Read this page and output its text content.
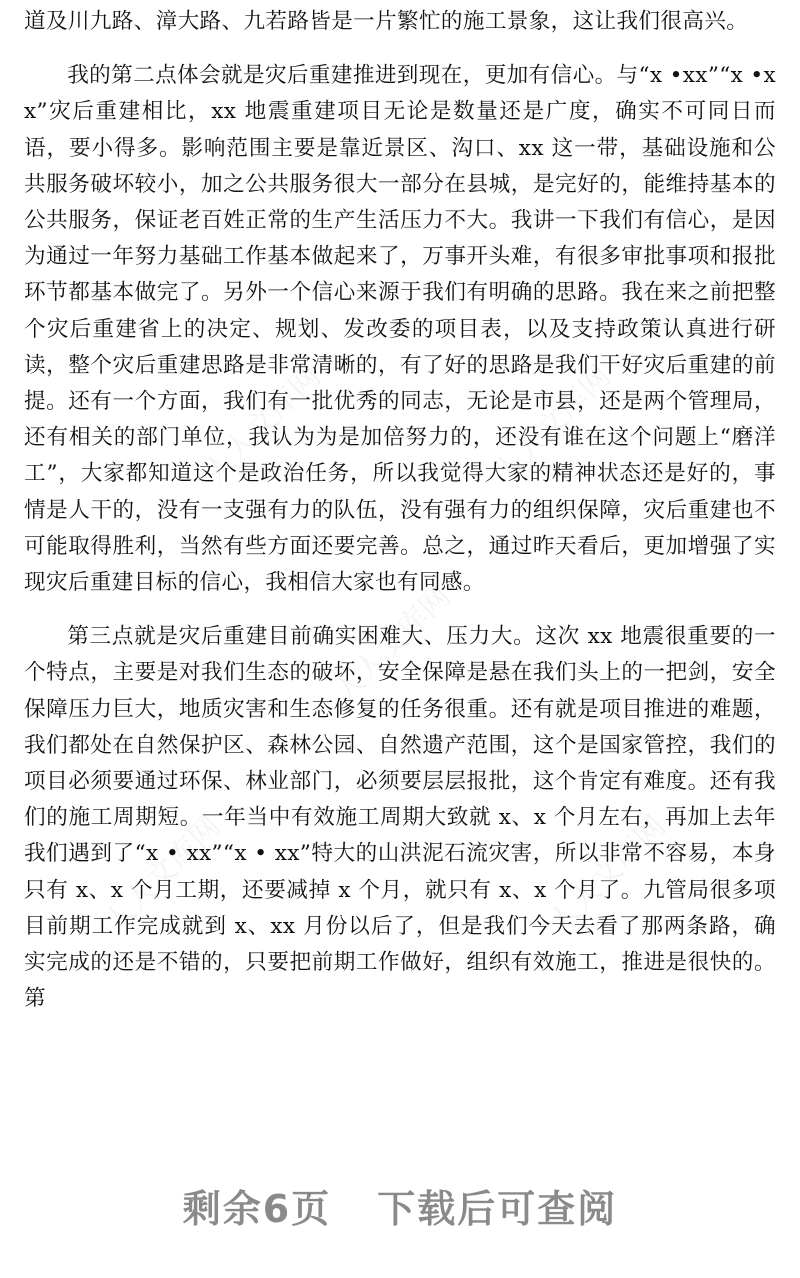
道及川九路、漳大路、九若路皆是一片繁忙的施工景象，这让我们很高兴。

我的第二点体会就是灾后重建推进到现在，更加有信心。与“x •xx”“x •xx”灾后重建相比，xx 地震重建项目无论是数量还是广度，确实不可同日而语，要小得多。影响范围主要是靠近景区、沟口、xx 这一带，基础设施和公共服务破坏较小，加之公共服务很大一部分在县城，是完好的，能维持基本的公共服务，保证老百姓正常的生产生活压力不大。我讲一下我们有信心，是因为通过一年努力基础工作基本做起来了，万事开头难，有很多审批事项和报批环节都基本做完了。另外一个信心来源于我们有明确的思路。我在来之前把整个灾后重建省上的决定、规划、发改委的项目表，以及支持政策认真进行研读，整个灾后重建思路是非常清晰的，有了好的思路是我们干好灾后重建的前提。还有一个方面，我们有一批优秀的同志，无论是市县，还是两个管理局，还有相关的部门单位，我认为为是加倍努力的，还没有谁在这个问题上“磨洋工”，大家都知道这个是政治任务，所以我觉得大家的精神状态还是好的，事情是人干的，没有一支强有力的队伍，没有强有力的组织保障，灾后重建也不可能取得胜利，当然有些方面还要完善。总之，通过昨天看后，更加增强了实现灾后重建目标的信心，我相信大家也有同感。

第三点就是灾后重建目前确实困难大、压力大。这次 xx 地震很重要的一个特点，主要是对我们生态的破坏，安全保障是悬在我们头上的一把剑，安全保障压力巨大，地质灾害和生态修复的任务很重。还有就是项目推进的难题，我们都处在自然保护区、森林公园、自然遗产范围，这个是国家管控，我们的项目必须要通过环保、林业部门，必须要层层报批，这个肯定有难度。还有我们的施工周期短。一年当中有效施工周期大致就 x、x 个月左右，再加上去年我们遇到了“x • xx”“x • xx”特大的山洪泥石流灾害，所以非常不容易，本身只有 x、x 个月工期，还要减掉 x 个月，就只有 x、x 个月了。九管局很多项目前期工作完成就到 x、xx 月份以后了，但是我们今天去看了那两条路，确实完成的还是不错的，只要把前期工作做好，组织有效施工，推进是很快的。第

剩余6页 下载后可查阅
